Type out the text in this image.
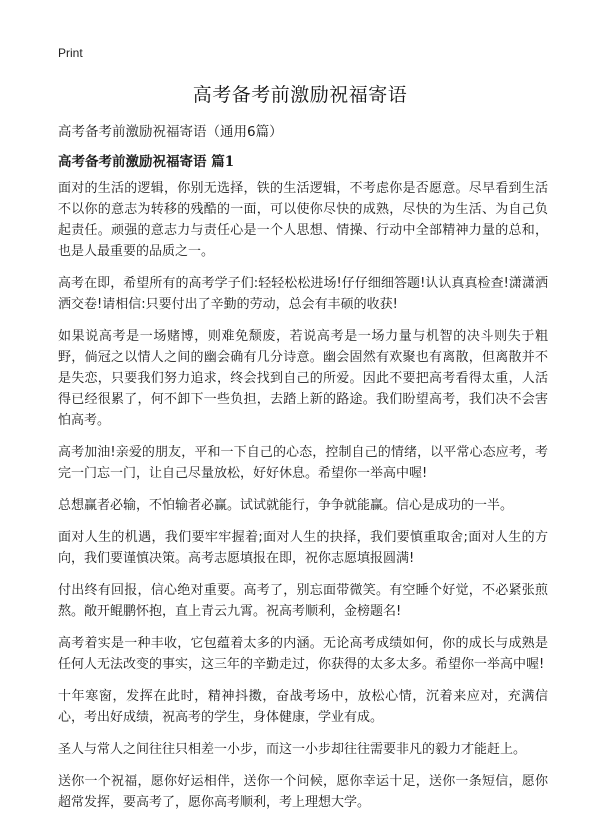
Print
高考备考前激励祝福寄语

高考备考前激励祝福寄语（通用6篇）

高考备考前激励祝福寄语 篇1

面对的生活的逻辑，你别无选择，铁的生活逻辑，不考虑你是否愿意。尽早看到生活不以你的意志为转移的残酷的一面，可以使你尽快的成熟，尽快的为生活、为自己负起责任。顽强的意志力与责任心是一个人思想、情操、行动中全部精神力量的总和，也是人最重要的品质之一。

高考在即，希望所有的高考学子们:轻轻松松进场!仔仔细细答题!认认真真检查!潇潇洒洒交卷!请相信:只要付出了辛勤的劳动，总会有丰硕的收获!

如果说高考是一场赌博，则难免颓废，若说高考是一场力量与机智的决斗则失于粗野，倘冠之以情人之间的幽会确有几分诗意。幽会固然有欢聚也有离散，但离散并不是失恋，只要我们努力追求，终会找到自己的所爱。因此不要把高考看得太重，人活得已经很累了，何不卸下一些负担，去踏上新的路途。我们盼望高考，我们决不会害怕高考。

高考加油!亲爱的朋友，平和一下自己的心态，控制自己的情绪，以平常心态应考，考完一门忘一门，让自己尽量放松，好好休息。希望你一举高中喔!

总想赢者必输，不怕输者必赢。试试就能行，争争就能赢。信心是成功的一半。

面对人生的机遇，我们要牢牢握着;面对人生的抉择，我们要慎重取舍;面对人生的方向，我们要谨慎决策。高考志愿填报在即，祝你志愿填报圆满!

付出终有回报，信心绝对重要。高考了，别忘面带微笑。有空睡个好觉，不必紧张煎熬。敞开鲲鹏怀抱，直上青云九霄。祝高考顺利，金榜题名!

高考着实是一种丰收，它包蕴着太多的内涵。无论高考成绩如何，你的成长与成熟是任何人无法改变的事实，这三年的辛勤走过，你获得的太多太多。希望你一举高中喔!

十年寒窗，发挥在此时，精神抖擞，奋战考场中，放松心情，沉着来应对，充满信心，考出好成绩，祝高考的学生，身体健康，学业有成。

圣人与常人之间往往只相差一小步，而这一小步却往往需要非凡的毅力才能赶上。

送你一个祝福，愿你好运相伴，送你一个问候，愿你幸运十足，送你一条短信，愿你超常发挥，要高考了，愿你高考顺利，考上理想大学。
